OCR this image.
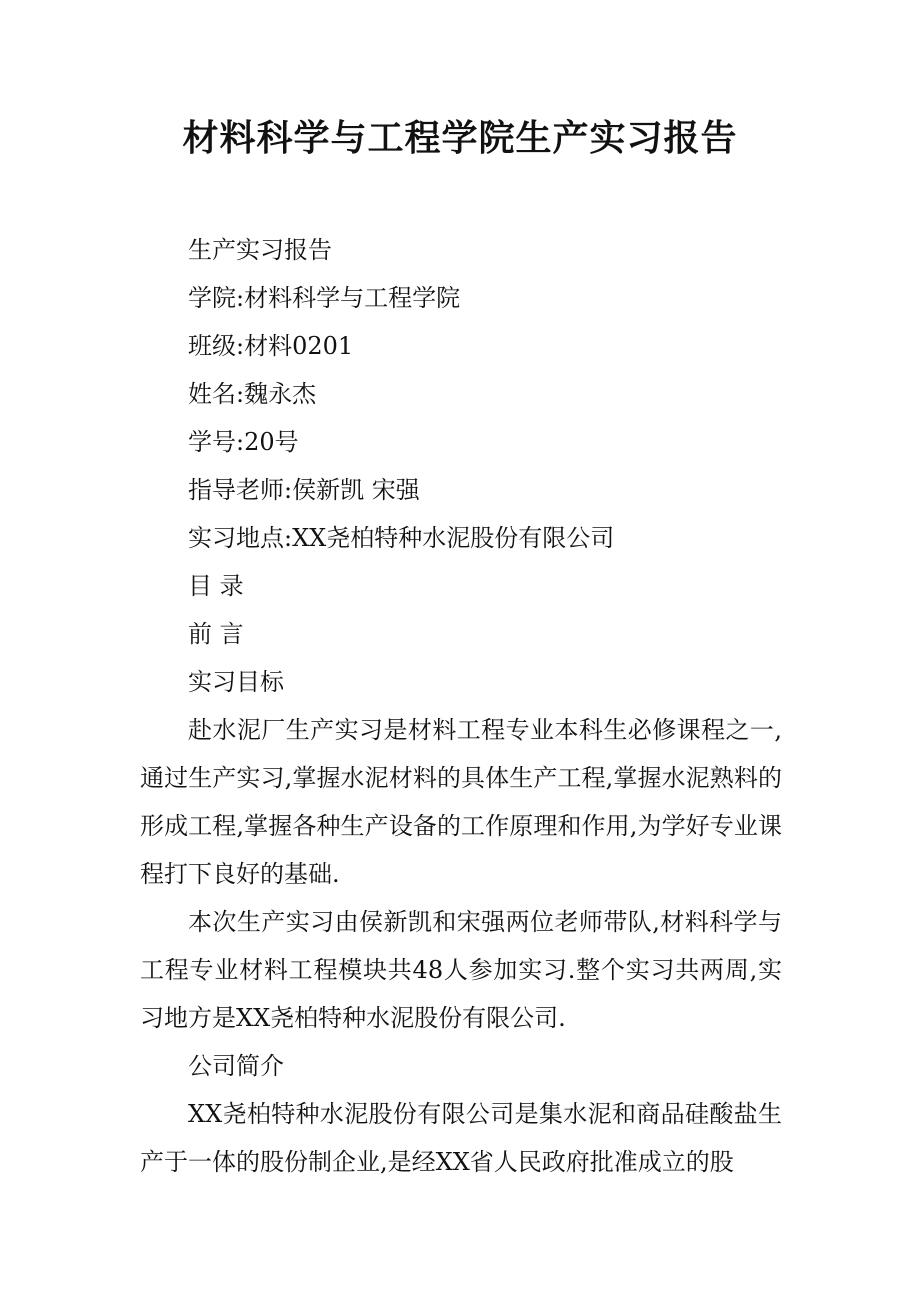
材料科学与工程学院生产实习报告

生产实习报告

学院:材料科学与工程学院

班级:材料0201

姓名:魏永杰

学号:20号

指导老师:侯新凯 宋强

实习地点:XX尧柏特种水泥股份有限公司

目 录

前 言

实习目标

赴水泥厂生产实习是材料工程专业本科生必修课程之一,通过生产实习,掌握水泥材料的具体生产工程,掌握水泥熟料的形成工程,掌握各种生产设备的工作原理和作用,为学好专业课程打下良好的基础.

本次生产实习由侯新凯和宋强两位老师带队,材料科学与工程专业材料工程模块共48人参加实习.整个实习共两周,实习地方是XX尧柏特种水泥股份有限公司.

公司简介

XX尧柏特种水泥股份有限公司是集水泥和商品硅酸盐生产于一体的股份制企业,是经XX省人民政府批准成立的股
